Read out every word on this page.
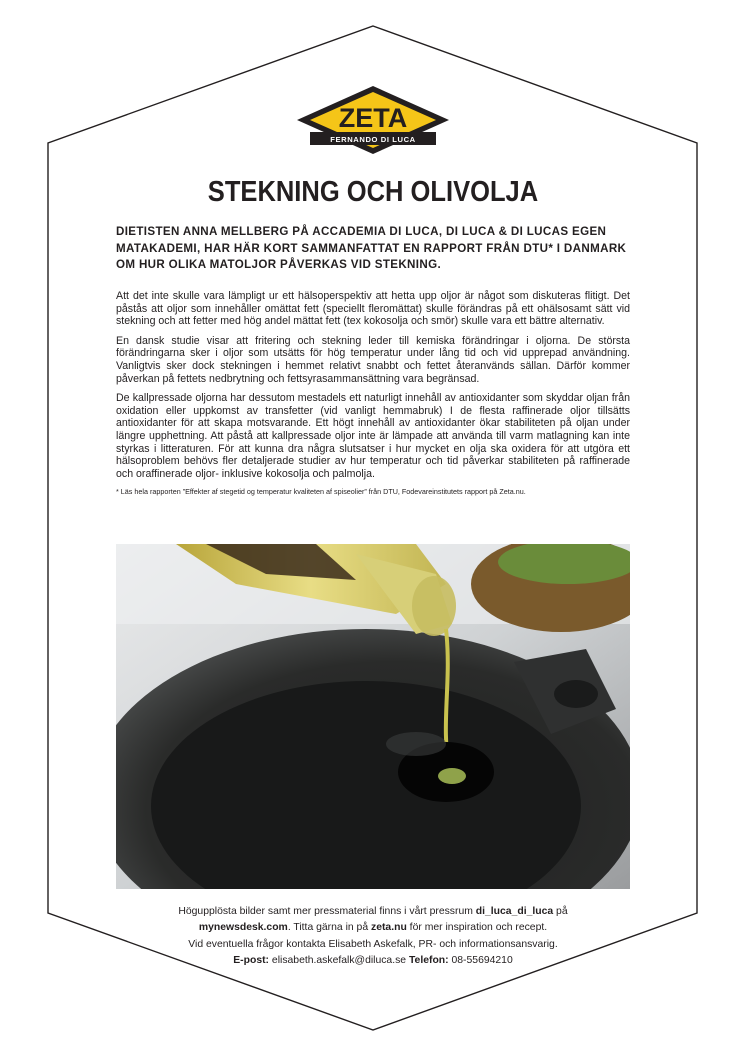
ZETA
FERNANDO DI LUCA
STEKNING OCH OLIVOLJA
DIETISTEN ANNA MELLBERG PÅ ACCADEMIA DI LUCA, DI LUCA & DI LUCAS EGEN MATAKADEMI, HAR HÄR KORT SAMMANFATTAT EN RAPPORT FRÅN DTU* I DANMARK OM HUR OLIKA MATOLJOR PÅVERKAS VID STEKNING.

Att det inte skulle vara lämpligt ur ett hälsoperspektiv att hetta upp oljor är något som diskuteras flitigt. Det påstås att oljor som innehåller omättat fett (speciellt fleromättat) skulle förändras på ett ohälsosamt sätt vid stekning och att fetter med hög andel mättat fett (tex kokosolja och smör) skulle vara ett bättre alternativ.

En dansk studie visar att fritering och stekning leder till kemiska förändringar i oljorna. De största förändringarna sker i oljor som utsätts för hög temperatur under lång tid och vid upprepad användning. Vanligtvis sker dock stekningen i hemmet relativt snabbt och fettet återanvänds sällan. Därför kommer påverkan på fettets nedbrytning och fettsyrasammansättning vara begränsad.

De kallpressade oljorna har dessutom mestadels ett naturligt innehåll av antioxidanter som skyddar oljan från oxidation eller uppkomst av transfetter (vid vanligt hemmabruk) I de flesta raffinerade oljor tillsätts antioxidanter för att skapa motsvarande. Ett högt innehåll av antioxidanter ökar stabiliteten på oljan under längre upphettning. Att påstå att kallpressade oljor inte är lämpade att använda till varm matlagning kan inte styrkas i litteraturen. För att kunna dra några slutsatser i hur mycket en olja ska oxidera för att utgöra ett hälsoproblem behövs fler detaljerade studier av hur temperatur och tid påverkar stabiliteten på raffinerade och oraffinerade oljor- inklusive kokosolja och palmolja.

* Läs hela rapporten ”Effekter af stegetid og temperatur kvaliteten af spiseolier” från DTU, Fodevareinstitutets rapport på Zeta.nu.

Högupplösta bilder samt mer pressmaterial finns i vårt pressrum di_luca_di_luca på
mynewsdesk.com. Titta gärna in på zeta.nu för mer inspiration och recept.
Vid eventuella frågor kontakta Elisabeth Askefalk, PR- och informationsansvarig.
E-post: elisabeth.askefalk@diluca.se Telefon: 08-55694210
